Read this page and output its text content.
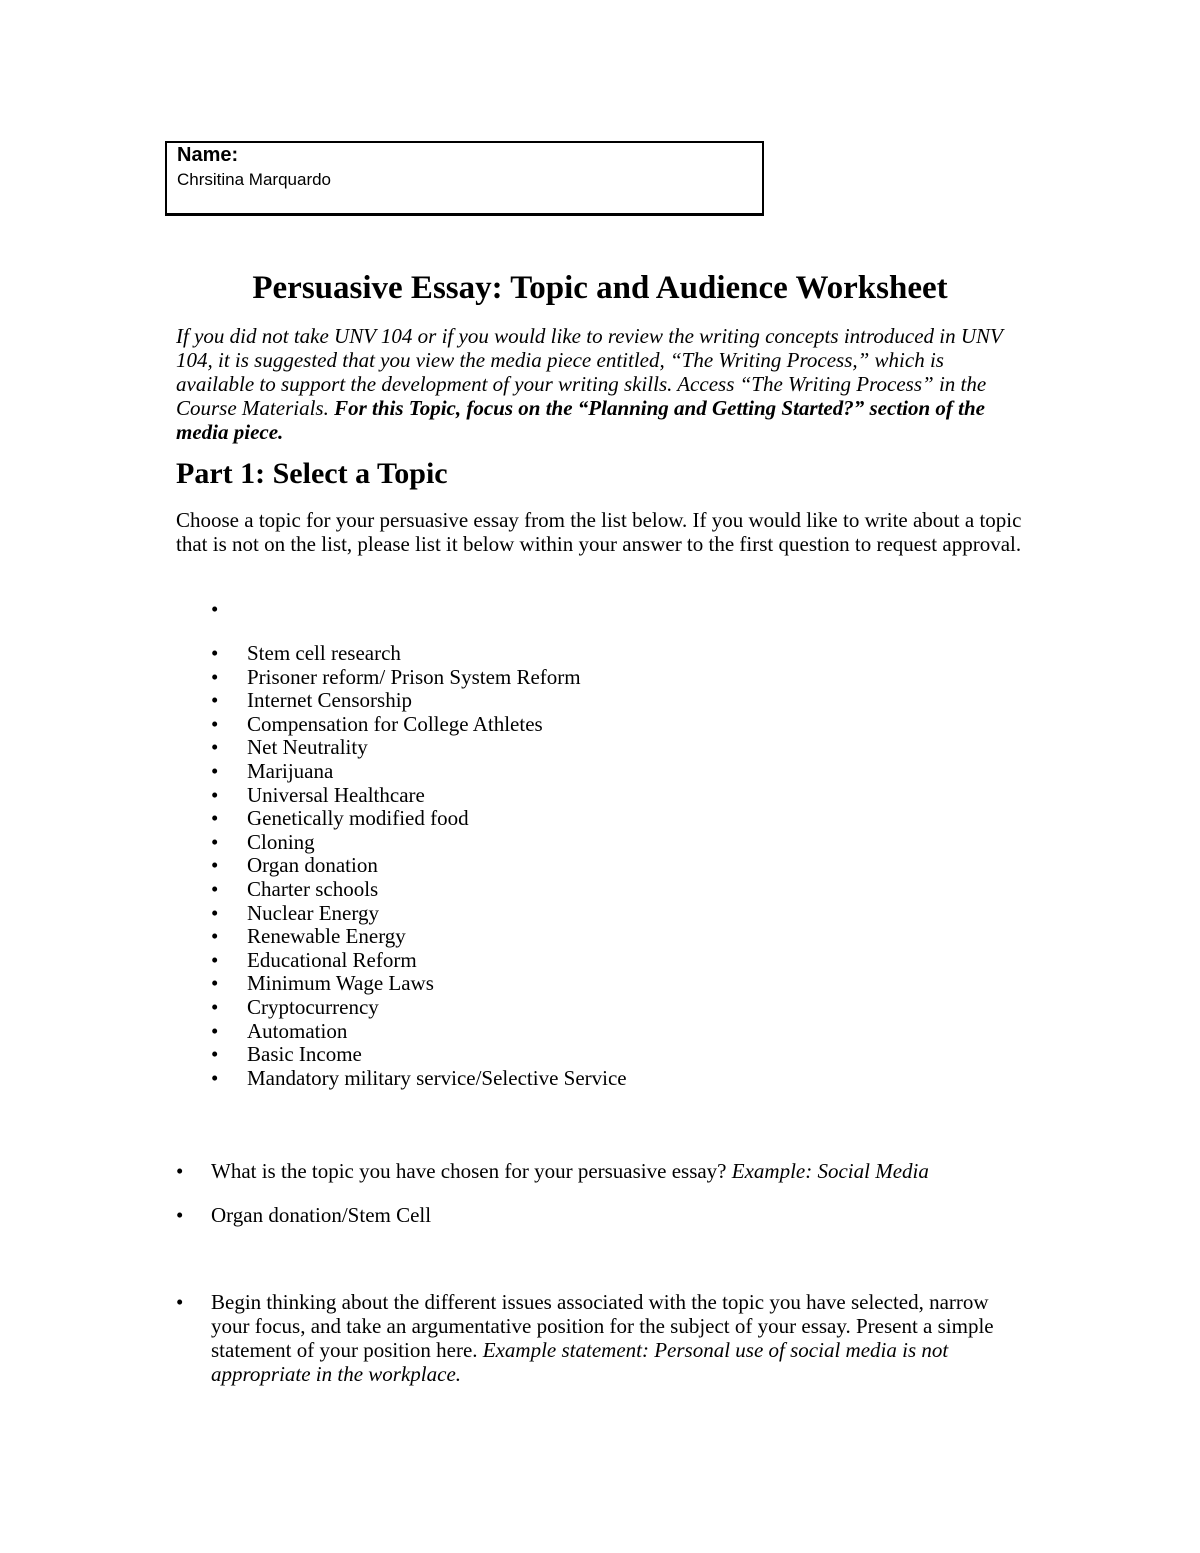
Name:
Chrsitina Marquardo
Persuasive Essay: Topic and Audience Worksheet
If you did not take UNV 104 or if you would like to review the writing concepts introduced in UNV 104, it is suggested that you view the media piece entitled, “The Writing Process,” which is available to support the development of your writing skills. Access “The Writing Process” in the Course Materials. For this Topic, focus on the “Planning and Getting Started?” section of the media piece.
Part 1: Select a Topic
Choose a topic for your persuasive essay from the list below. If you would like to write about a topic that is not on the list, please list it below within your answer to the first question to request approval.
•
• Stem cell research
• Prisoner reform/ Prison System Reform
• Internet Censorship
• Compensation for College Athletes
• Net Neutrality
• Marijuana
• Universal Healthcare
• Genetically modified food
• Cloning
• Organ donation
• Charter schools
• Nuclear Energy
• Renewable Energy
• Educational Reform
• Minimum Wage Laws
• Cryptocurrency
• Automation
• Basic Income
• Mandatory military service/Selective Service
• What is the topic you have chosen for your persuasive essay? Example: Social Media
• Organ donation/Stem Cell
• Begin thinking about the different issues associated with the topic you have selected, narrow your focus, and take an argumentative position for the subject of your essay. Present a simple statement of your position here. Example statement: Personal use of social media is not appropriate in the workplace.
